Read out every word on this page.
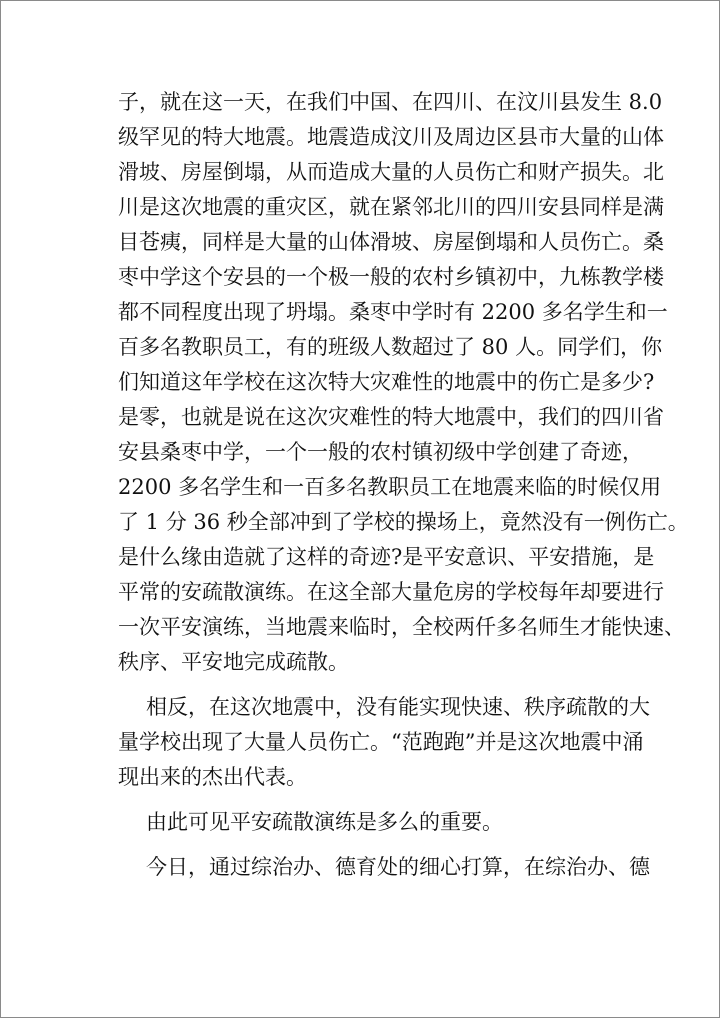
子，就在这一天，在我们中国、在四川、在汶川县发生 8.0
级罕见的特大地震。地震造成汶川及周边区县市大量的山体
滑坡、房屋倒塌，从而造成大量的人员伤亡和财产损失。北
川是这次地震的重灾区，就在紧邻北川的四川安县同样是满
目苍痍，同样是大量的山体滑坡、房屋倒塌和人员伤亡。桑
枣中学这个安县的一个极一般的农村乡镇初中，九栋教学楼
都不同程度出现了坍塌。桑枣中学时有 2200 多名学生和一
百多名教职员工，有的班级人数超过了 80 人。同学们，你
们知道这年学校在这次特大灾难性的地震中的伤亡是多少?
是零，也就是说在这次灾难性的特大地震中，我们的四川省
安县桑枣中学，一个一般的农村镇初级中学创建了奇迹，
2200 多名学生和一百多名教职员工在地震来临的时候仅用
了 1 分 36 秒全部冲到了学校的操场上，竟然没有一例伤亡。
是什么缘由造就了这样的奇迹?是平安意识、平安措施，是
平常的安疏散演练。在这全部大量危房的学校每年却要进行
一次平安演练，当地震来临时，全校两仟多名师生才能快速、
秩序、平安地完成疏散。
相反，在这次地震中，没有能实现快速、秩序疏散的大
量学校出现了大量人员伤亡。“范跑跑”并是这次地震中涌
现出来的杰出代表。
由此可见平安疏散演练是多么的重要。
今日，通过综治办、德育处的细心打算，在综治办、德
